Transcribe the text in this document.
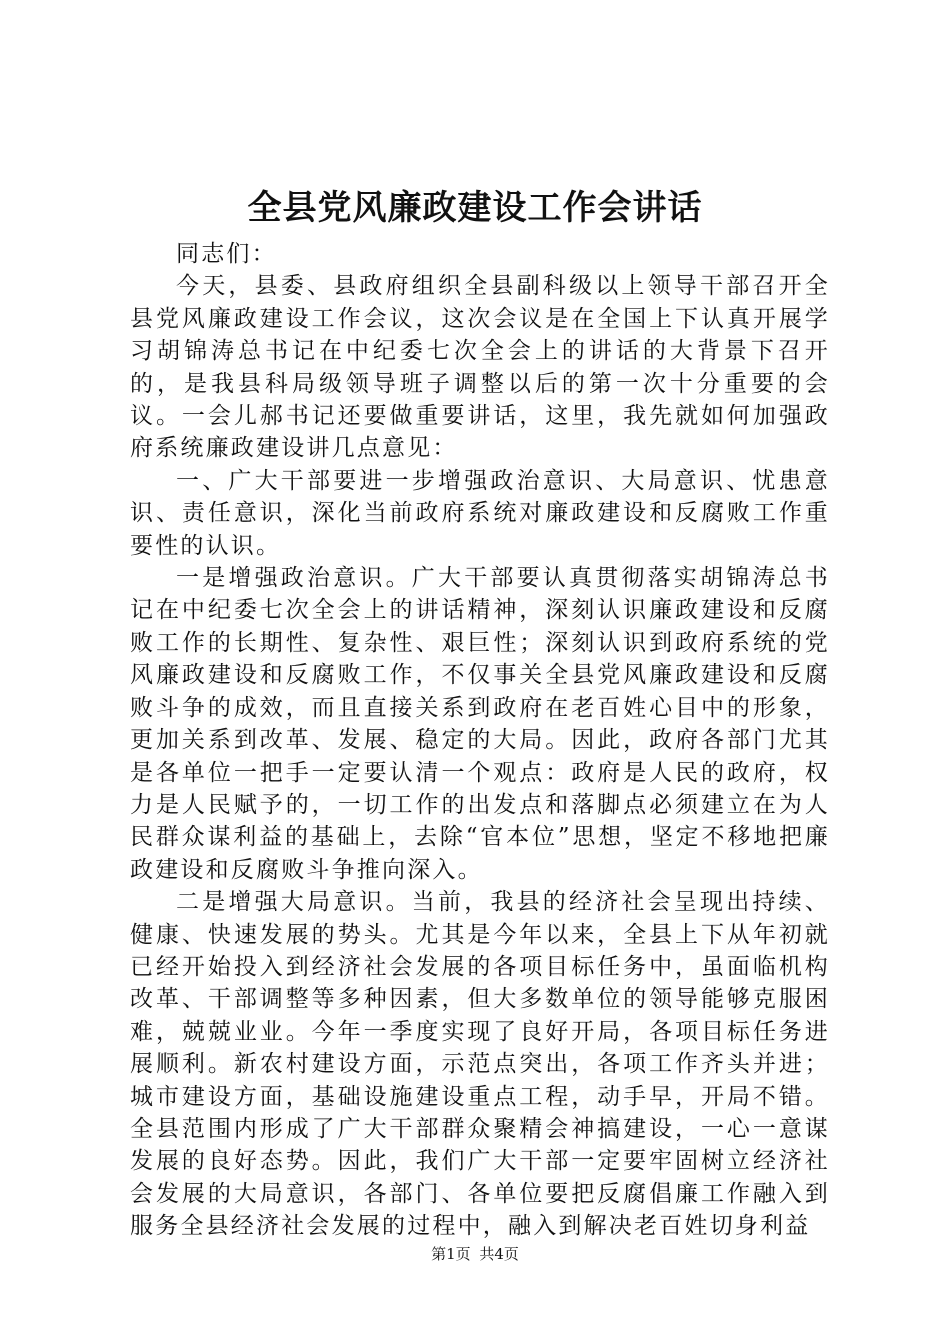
全县党风廉政建设工作会讲话

同志们：

今天，县委、县政府组织全县副科级以上领导干部召开全县党风廉政建设工作会议，这次会议是在全国上下认真开展学习胡锦涛总书记在中纪委七次全会上的讲话的大背景下召开的，是我县科局级领导班子调整以后的第一次十分重要的会议。一会儿郝书记还要做重要讲话，这里，我先就如何加强政府系统廉政建设讲几点意见：

一、广大干部要进一步增强政治意识、大局意识、忧患意识、责任意识，深化当前政府系统对廉政建设和反腐败工作重要性的认识。

一是增强政治意识。广大干部要认真贯彻落实胡锦涛总书记在中纪委七次全会上的讲话精神，深刻认识廉政建设和反腐败工作的长期性、复杂性、艰巨性；深刻认识到政府系统的党风廉政建设和反腐败工作，不仅事关全县党风廉政建设和反腐败斗争的成效，而且直接关系到政府在老百姓心目中的形象，更加关系到改革、发展、稳定的大局。因此，政府各部门尤其是各单位一把手一定要认清一个观点：政府是人民的政府，权力是人民赋予的，一切工作的出发点和落脚点必须建立在为人民群众谋利益的基础上，去除“官本位”思想，坚定不移地把廉政建设和反腐败斗争推向深入。

二是增强大局意识。当前，我县的经济社会呈现出持续、健康、快速发展的势头。尤其是今年以来，全县上下从年初就已经开始投入到经济社会发展的各项目标任务中，虽面临机构改革、干部调整等多种因素，但大多数单位的领导能够克服困难，兢兢业业。今年一季度实现了良好开局，各项目标任务进展顺利。新农村建设方面，示范点突出，各项工作齐头并进；城市建设方面，基础设施建设重点工程，动手早，开局不错。全县范围内形成了广大干部群众聚精会神搞建设，一心一意谋发展的良好态势。因此，我们广大干部一定要牢固树立经济社会发展的大局意识，各部门、各单位要把反腐倡廉工作融入到服务全县经济社会发展的过程中，融入到解决老百姓切身利益

第1页 共4页
